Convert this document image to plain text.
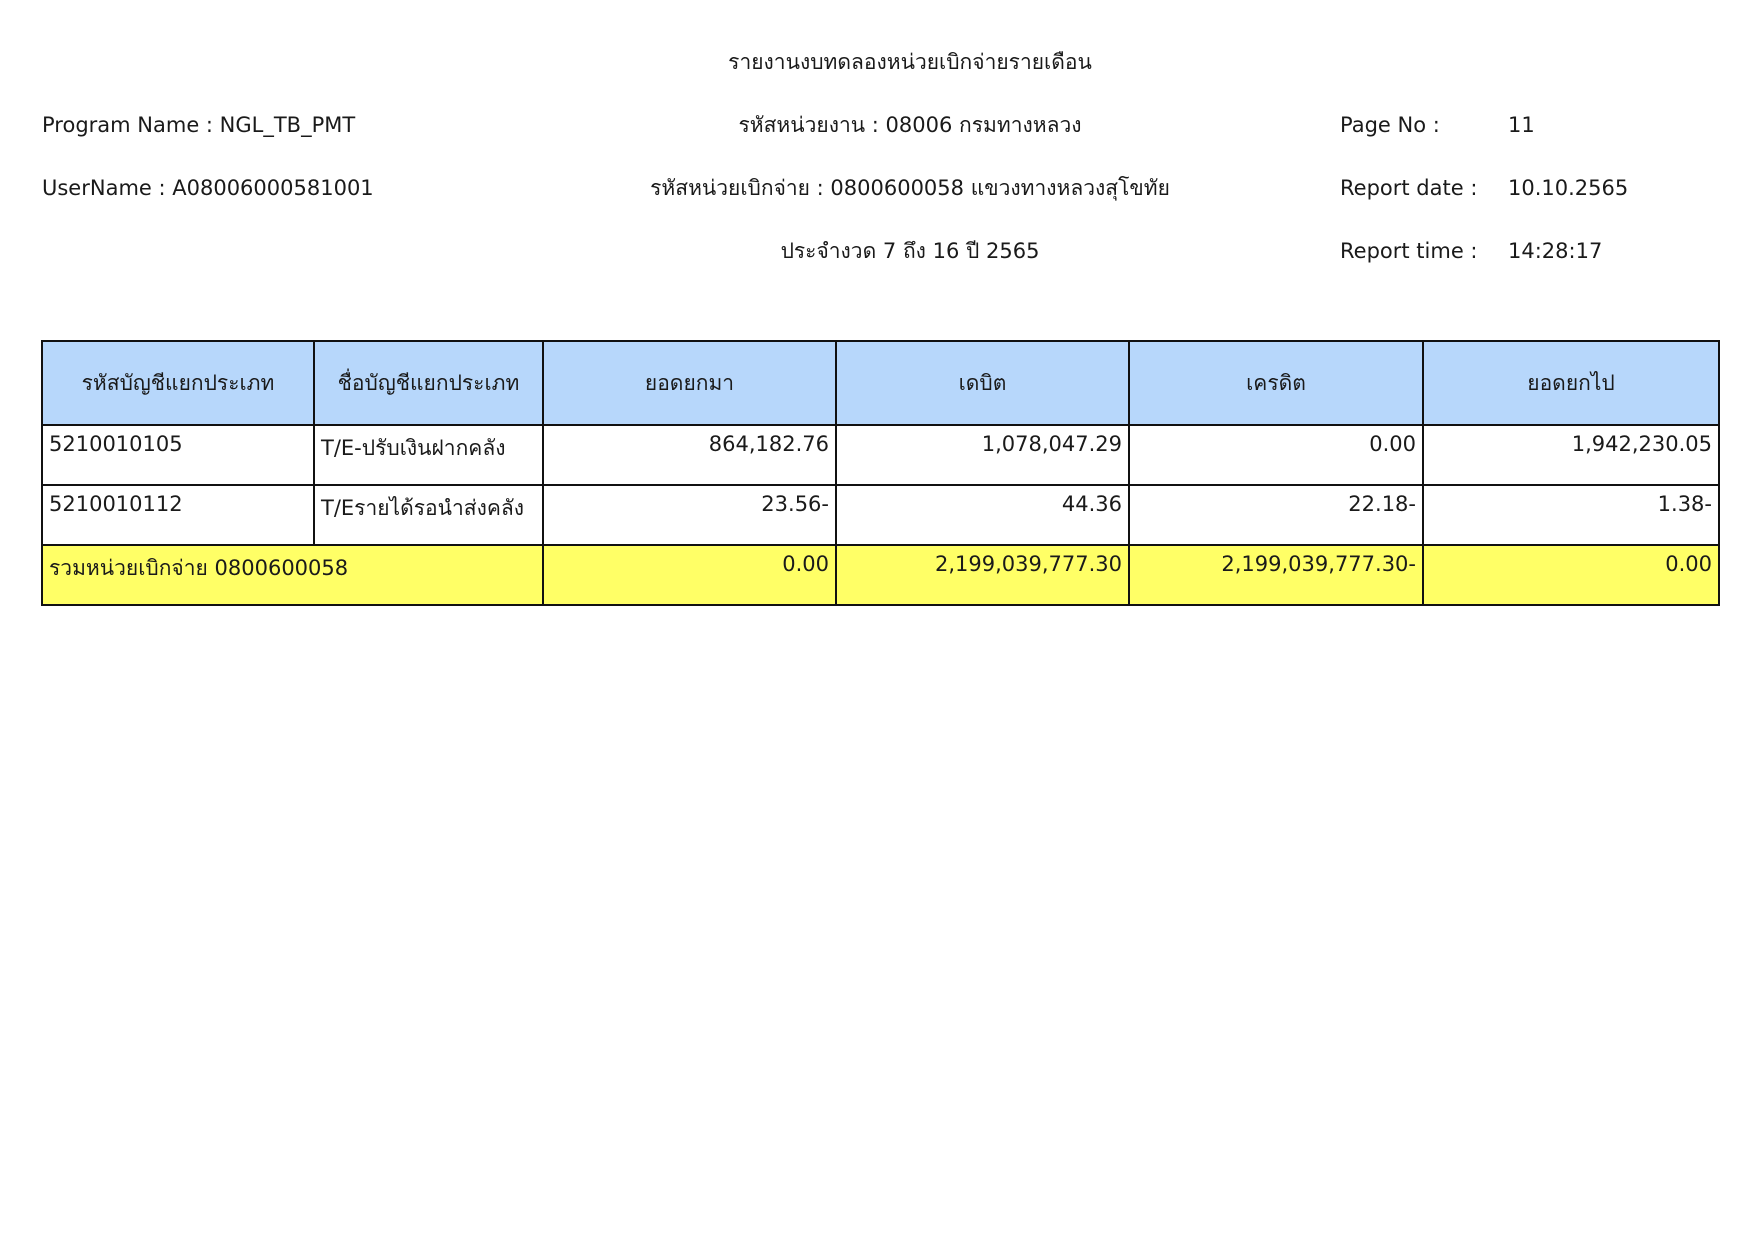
รายงานงบทดลองหน่วยเบิกจ่ายรายเดือน
รหัสหน่วยงาน : 08006 กรมทางหลวง
รหัสหน่วยเบิกจ่าย : 0800600058 แขวงทางหลวงสุโขทัย
ประจำงวด 7 ถึง 16 ปี 2565
Program Name : NGL_TB_PMT
UserName : A08006000581001
Page No :	11
Report date : 10.10.2565
Report time : 14:28:17
รหัสบัญชีแยกประเภท	ชื่อบัญชีแยกประเภท	ยอดยกมา	เดบิต	เครดิต	ยอดยกไป
5210010105	T/E-ปรับเงินฝากคลัง	864,182.76	1,078,047.29	0.00	1,942,230.05
5210010112	T/Eรายได้รอนำส่งคลัง	23.56-	44.36	22.18-	1.38-
รวมหน่วยเบิกจ่าย 0800600058		0.00	2,199,039,777.30	2,199,039,777.30-	0.00
